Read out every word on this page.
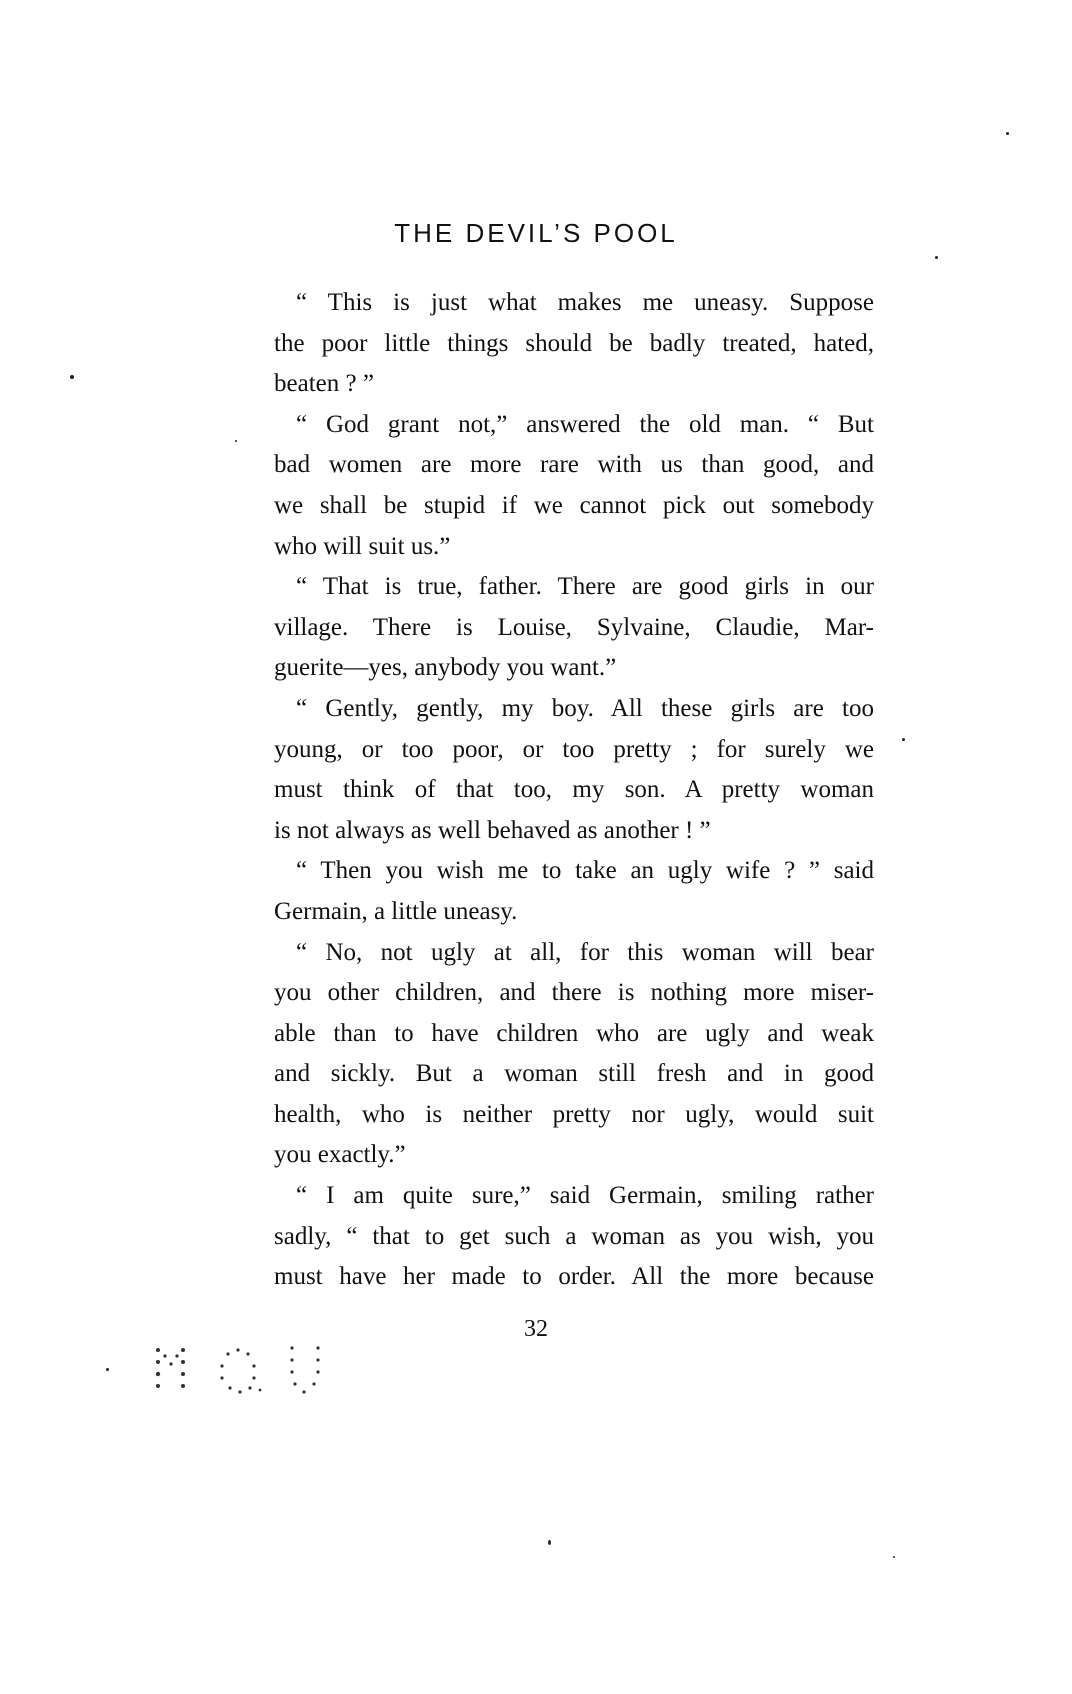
THE DEVIL’S POOL
“ This is just what makes me uneasy. Suppose
the poor little things should be badly treated, hated,
beaten ? ”
“ God grant not,” answered the old man. “ But
bad women are more rare with us than good, and
we shall be stupid if we cannot pick out somebody
who will suit us.”
“ That is true, father. There are good girls in our
village. There is Louise, Sylvaine, Claudie, Mar-
guerite—yes, anybody you want.”
“ Gently, gently, my boy. All these girls are too
young, or too poor, or too pretty ; for surely we
must think of that too, my son. A pretty woman
is not always as well behaved as another ! ”
“ Then you wish me to take an ugly wife ? ” said
Germain, a little uneasy.
“ No, not ugly at all, for this woman will bear
you other children, and there is nothing more miser-
able than to have children who are ugly and weak
and sickly. But a woman still fresh and in good
health, who is neither pretty nor ugly, would suit
you exactly.”
“ I am quite sure,” said Germain, smiling rather
sadly, “ that to get such a woman as you wish, you
must have her made to order. All the more because
32
